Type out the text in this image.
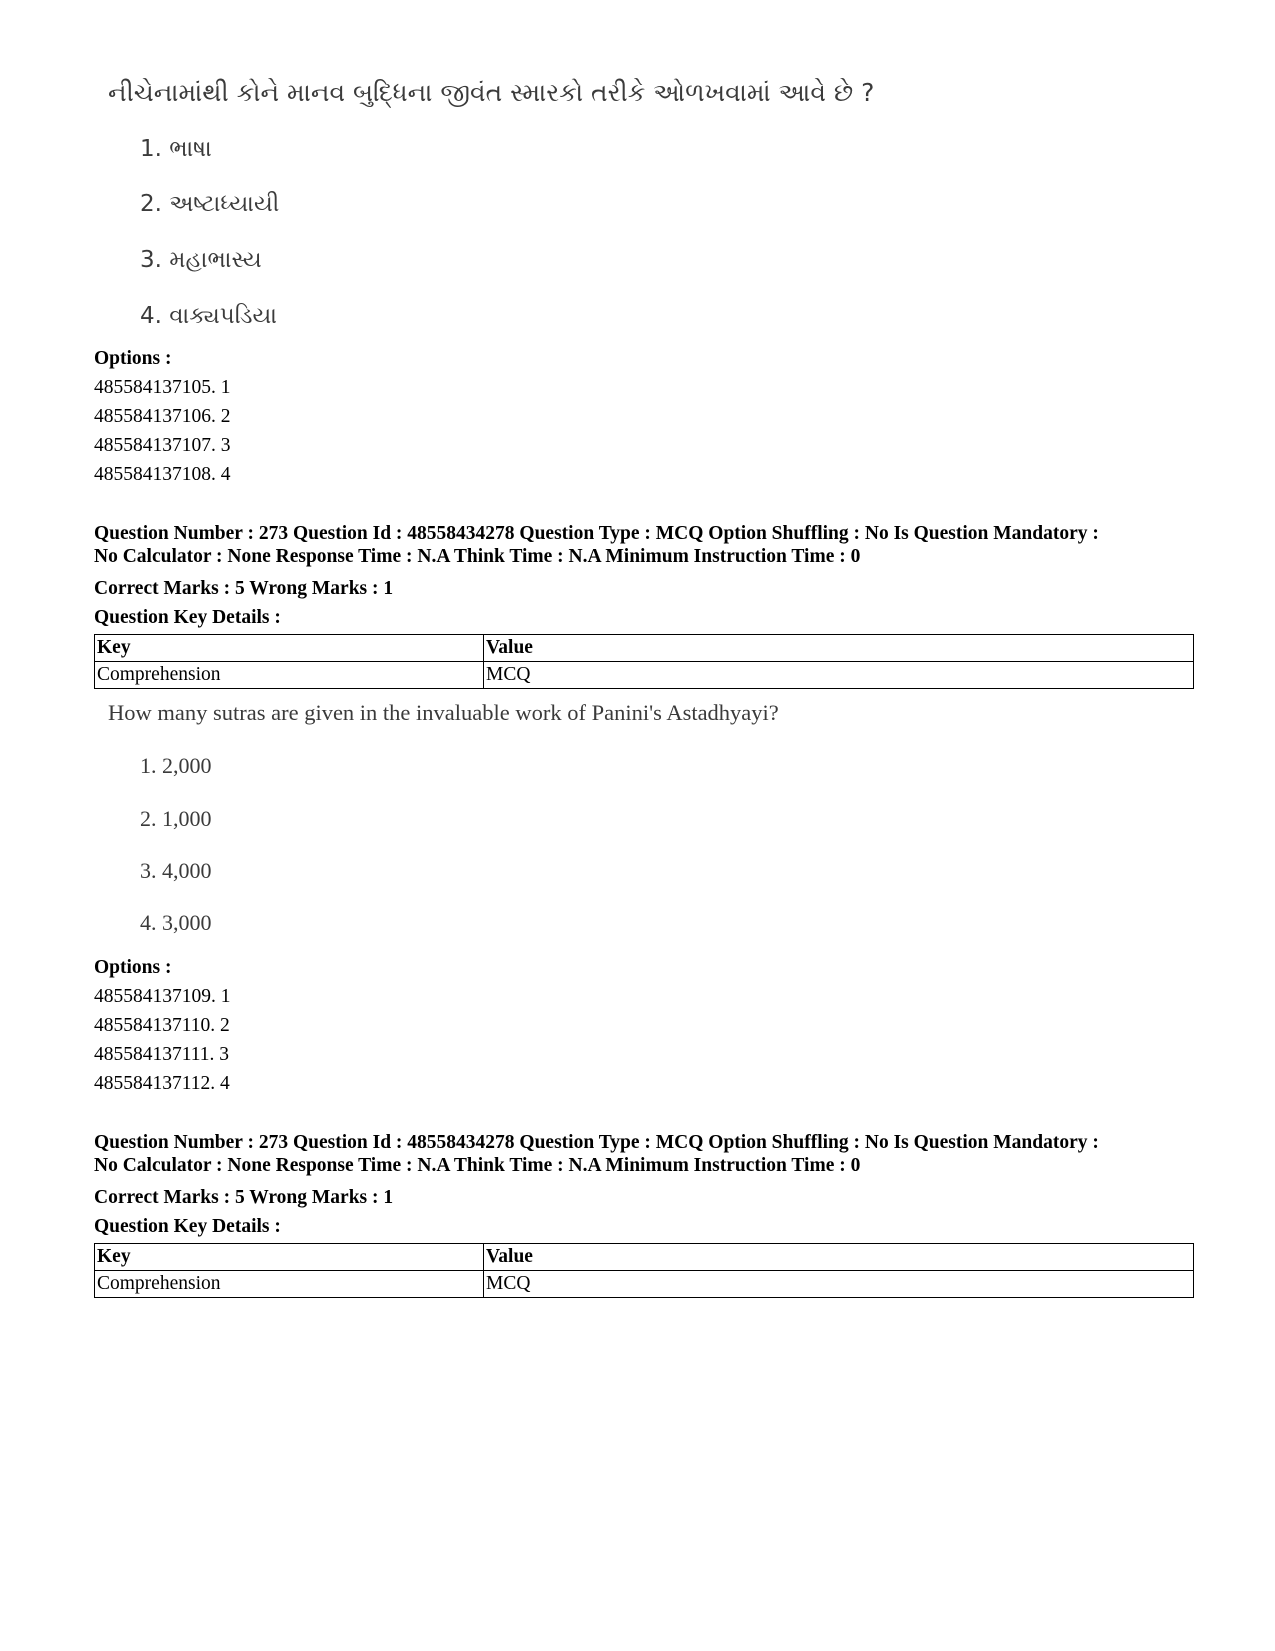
નીચેનામાંથી કોને માનવ બુદ્ધિના જીવંત સ્મારકો તરીકે ઓળખવામાં આવે છે ?
1. ભાષા
2. અષ્ટાધ્યાયી
3. મહાભાસ્ય
4. વાક્યપડિયા
Options :
485584137105. 1
485584137106. 2
485584137107. 3
485584137108. 4
Question Number : 273 Question Id : 48558434278 Question Type : MCQ Option Shuffling : No Is Question Mandatory :
No Calculator : None Response Time : N.A Think Time : N.A Minimum Instruction Time : 0
Correct Marks : 5 Wrong Marks : 1
Question Key Details :
Key	Value
Comprehension	MCQ
How many sutras are given in the invaluable work of Panini's Astadhyayi?
1. 2,000
2. 1,000
3. 4,000
4. 3,000
Options :
485584137109. 1
485584137110. 2
485584137111. 3
485584137112. 4
Question Number : 273 Question Id : 48558434278 Question Type : MCQ Option Shuffling : No Is Question Mandatory :
No Calculator : None Response Time : N.A Think Time : N.A Minimum Instruction Time : 0
Correct Marks : 5 Wrong Marks : 1
Question Key Details :
Key	Value
Comprehension	MCQ
